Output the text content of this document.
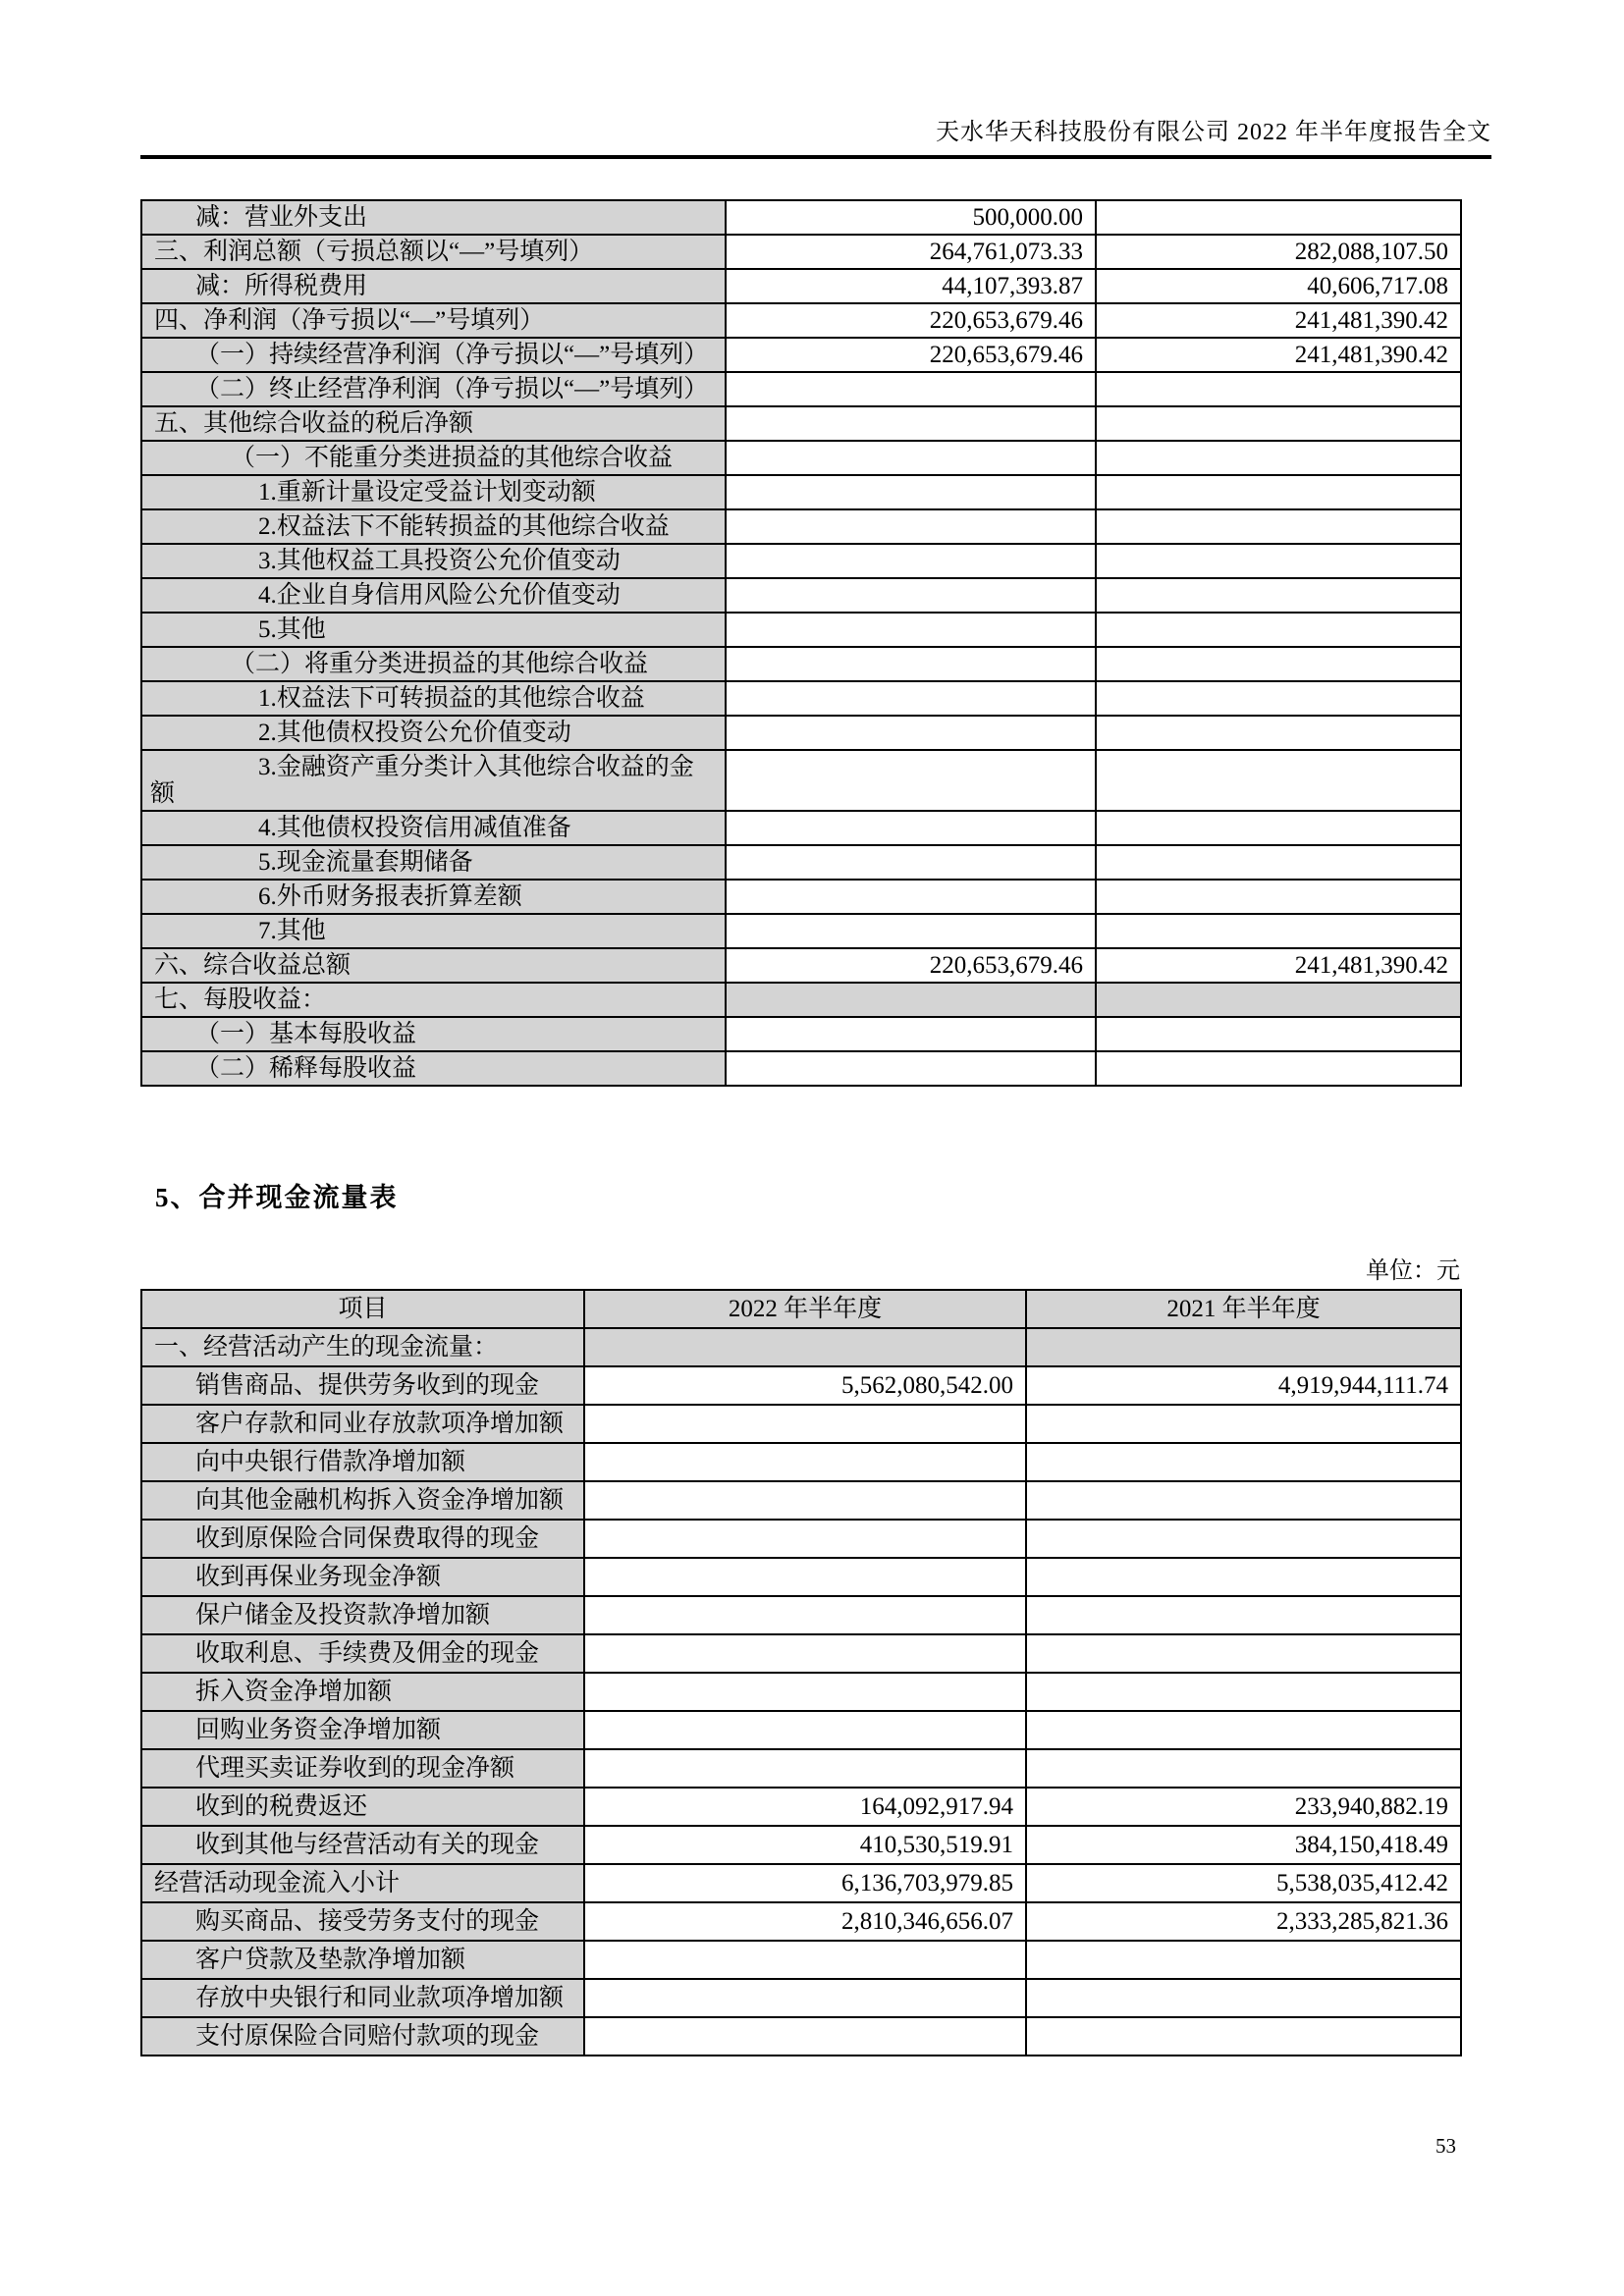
天水华天科技股份有限公司 2022 年半年度报告全文
减：营业外支出	500,000.00	
三、利润总额（亏损总额以“—”号填列）	264,761,073.33	282,088,107.50
减：所得税费用	44,107,393.87	40,606,717.08
四、净利润（净亏损以“—”号填列）	220,653,679.46	241,481,390.42
（一）持续经营净利润（净亏损以“—”号填列）	220,653,679.46	241,481,390.42
（二）终止经营净利润（净亏损以“—”号填列）		
五、其他综合收益的税后净额		
（一）不能重分类进损益的其他综合收益		
1.重新计量设定受益计划变动额		
2.权益法下不能转损益的其他综合收益		
3.其他权益工具投资公允价值变动		
4.企业自身信用风险公允价值变动		
5.其他		
（二）将重分类进损益的其他综合收益		
1.权益法下可转损益的其他综合收益		
2.其他债权投资公允价值变动		
3.金融资产重分类计入其他综合收益的金额		
4.其他债权投资信用减值准备		
5.现金流量套期储备		
6.外币财务报表折算差额		
7.其他		
六、综合收益总额	220,653,679.46	241,481,390.42
七、每股收益：		
（一）基本每股收益		
（二）稀释每股收益		
5、合并现金流量表
单位：元
项目	2022 年半年度	2021 年半年度
一、经营活动产生的现金流量：		
销售商品、提供劳务收到的现金	5,562,080,542.00	4,919,944,111.74
客户存款和同业存放款项净增加额		
向中央银行借款净增加额		
向其他金融机构拆入资金净增加额		
收到原保险合同保费取得的现金		
收到再保业务现金净额		
保户储金及投资款净增加额		
收取利息、手续费及佣金的现金		
拆入资金净增加额		
回购业务资金净增加额		
代理买卖证券收到的现金净额		
收到的税费返还	164,092,917.94	233,940,882.19
收到其他与经营活动有关的现金	410,530,519.91	384,150,418.49
经营活动现金流入小计	6,136,703,979.85	5,538,035,412.42
购买商品、接受劳务支付的现金	2,810,346,656.07	2,333,285,821.36
客户贷款及垫款净增加额		
存放中央银行和同业款项净增加额		
支付原保险合同赔付款项的现金		
53
